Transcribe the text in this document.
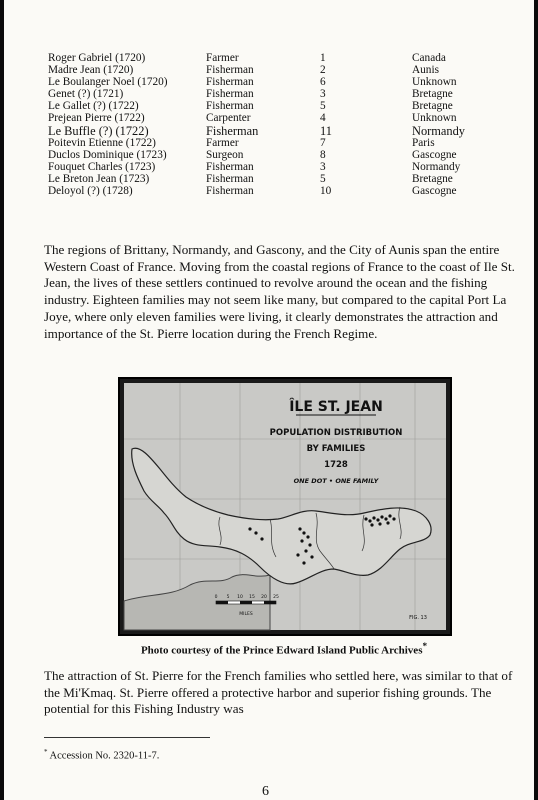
Roger Gabriel (1720)	Farmer	1	Canada
Madre Jean (1720)	Fisherman	2	Aunis
Le Boulanger Noel (1720)	Fisherman	6	Unknown
Genet (?) (1721)	Fisherman	3	Bretagne
Le Gallet (?) (1722)	Fisherman	5	Bretagne
Prejean Pierre (1722)	Carpenter	4	Unknown
Le Buffle (?) (1722)	Fisherman	11	Normandy
Poitevin Etienne (1722)	Farmer	7	Paris
Duclos Dominique (1723)	Surgeon	8	Gascogne
Fouquet Charles (1723)	Fisherman	3	Normandy
Le Breton Jean (1723)	Fisherman	5	Bretagne
Deloyol (?) (1728)	Fisherman	10	Gascogne

The regions of Brittany, Normandy, and Gascony, and the City of Aunis span the entire Western Coast of France. Moving from the coastal regions of France to the coast of Ile St. Jean, the lives of these settlers continued to revolve around the ocean and the fishing industry. Eighteen families may not seem like many, but compared to the capital Port La Joye, where only eleven families were living, it clearly demonstrates the attraction and importance of the St. Pierre location during the French Regime.

ÎLE ST. JEAN
POPULATION DISTRIBUTION
BY FAMILIES
1728
ONE DOT • ONE FAMILY
0 5 10 15 20 25
MILES
FIG. 13
Photo courtesy of the Prince Edward Island Public Archives*

The attraction of St. Pierre for the French families who settled here, was similar to that of the Mi'Kmaq. St. Pierre offered a protective harbor and superior fishing grounds. The potential for this Fishing Industry was

* Accession No. 2320-11-7.
6
